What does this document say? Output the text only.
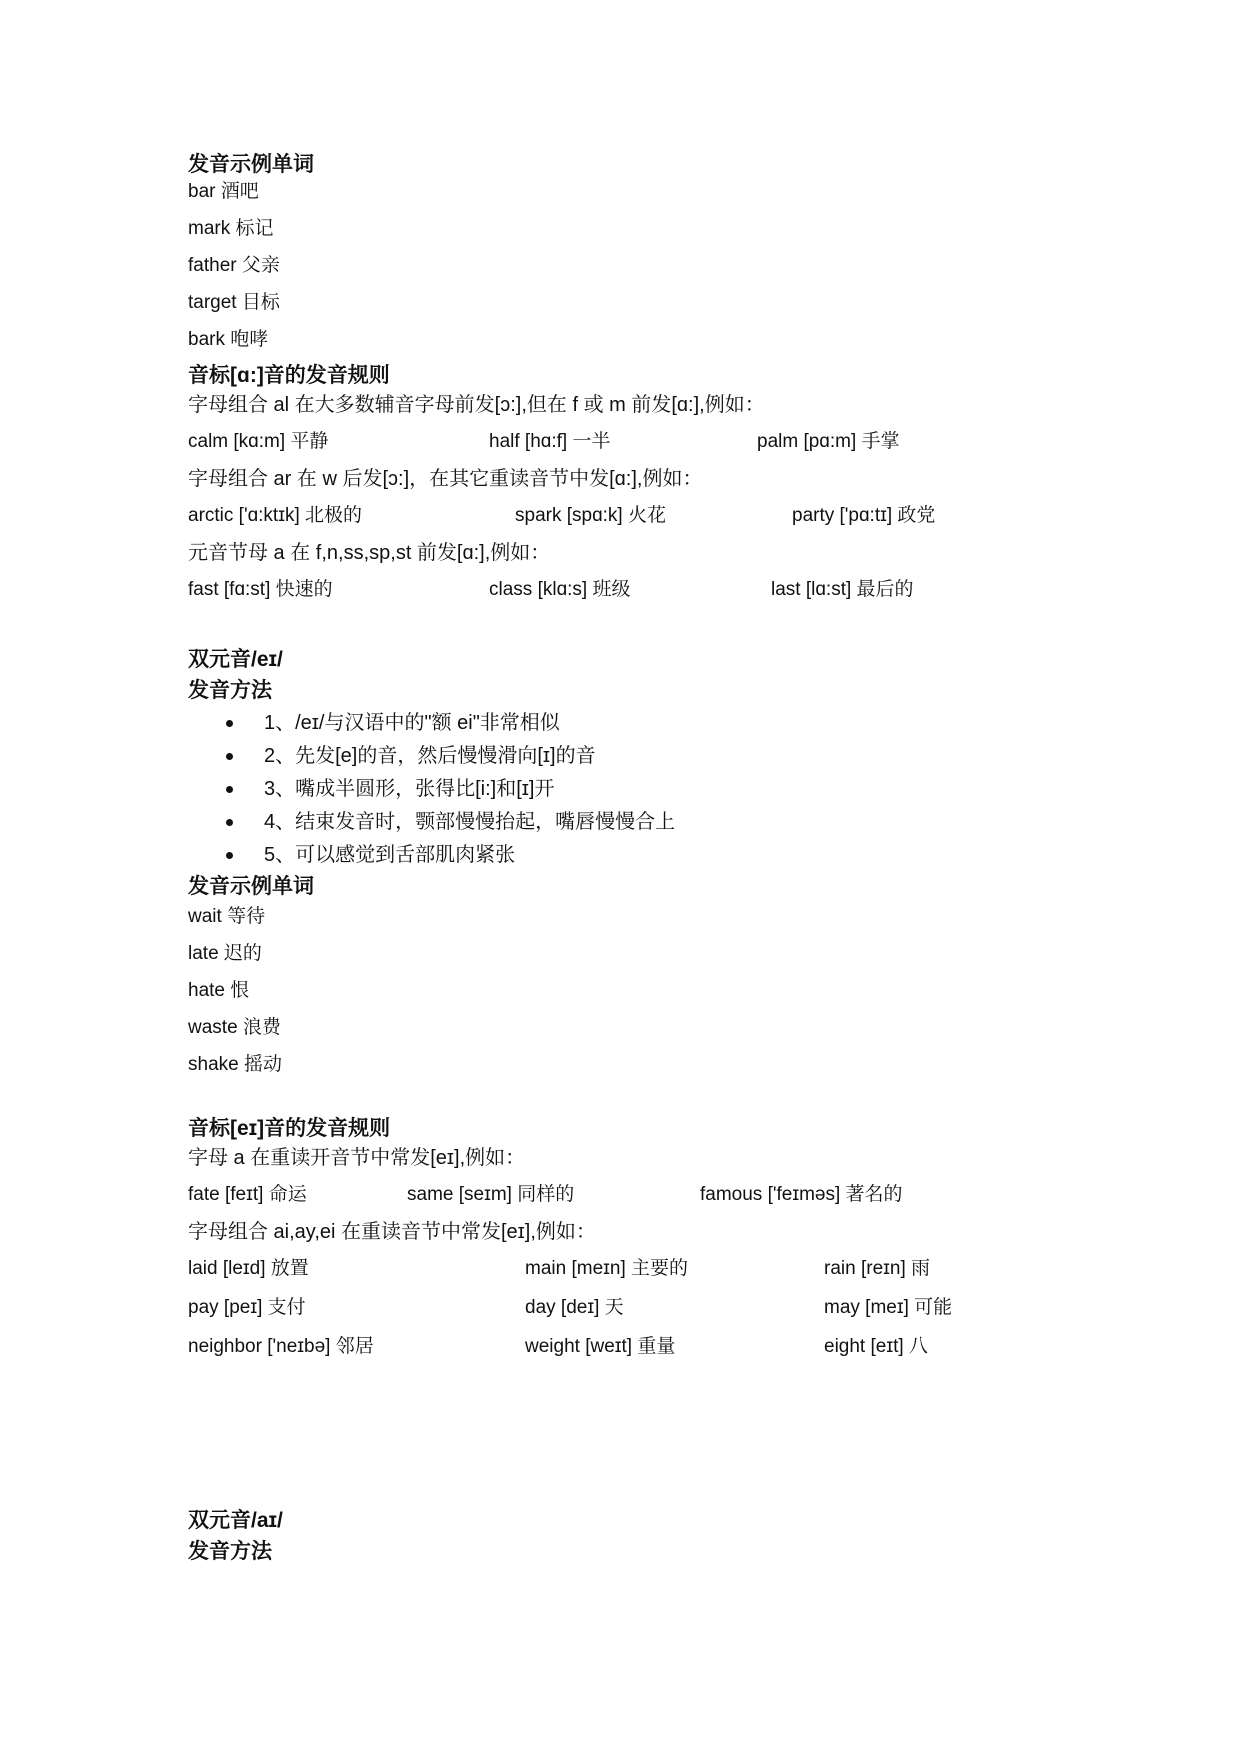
发音示例单词
bar 酒吧
mark 标记
father 父亲
target 目标
bark 咆哮
音标[ɑ:]音的发音规则
字母组合 al 在大多数辅音字母前发[ɔ:],但在 f 或 m 前发[ɑ:],例如：
calm [kɑ:m] 平静	half [hɑ:f] 一半	palm [pɑ:m] 手掌
字母组合 ar 在 w 后发[ɔ:]，在其它重读音节中发[ɑ:],例如：
arctic ['ɑ:ktɪk] 北极的	spark [spɑ:k] 火花	party ['pɑ:tɪ] 政党
元音节母 a 在 f,n,ss,sp,st 前发[ɑ:],例如：
fast [fɑ:st] 快速的	class [klɑ:s] 班级	last [lɑ:st] 最后的
双元音/eɪ/
发音方法
1、/eɪ/与汉语中的"额 ei"非常相似
2、先发[e]的音，然后慢慢滑向[ɪ]的音
3、嘴成半圆形，张得比[i:]和[ɪ]开
4、结束发音时，颚部慢慢抬起，嘴唇慢慢合上
5、可以感觉到舌部肌肉紧张
发音示例单词
wait 等待
late 迟的
hate 恨
waste 浪费
shake 摇动
音标[eɪ]音的发音规则
字母 a 在重读开音节中常发[eɪ],例如：
fate [feɪt] 命运	same [seɪm] 同样的	famous ['feɪməs] 著名的
字母组合 ai,ay,ei 在重读音节中常发[eɪ],例如：
laid [leɪd] 放置	main [meɪn] 主要的	rain [reɪn] 雨
pay [peɪ] 支付	day [deɪ] 天	may [meɪ] 可能
neighbor ['neɪbə] 邻居	weight [weɪt] 重量	eight [eɪt] 八
双元音/aɪ/
发音方法
